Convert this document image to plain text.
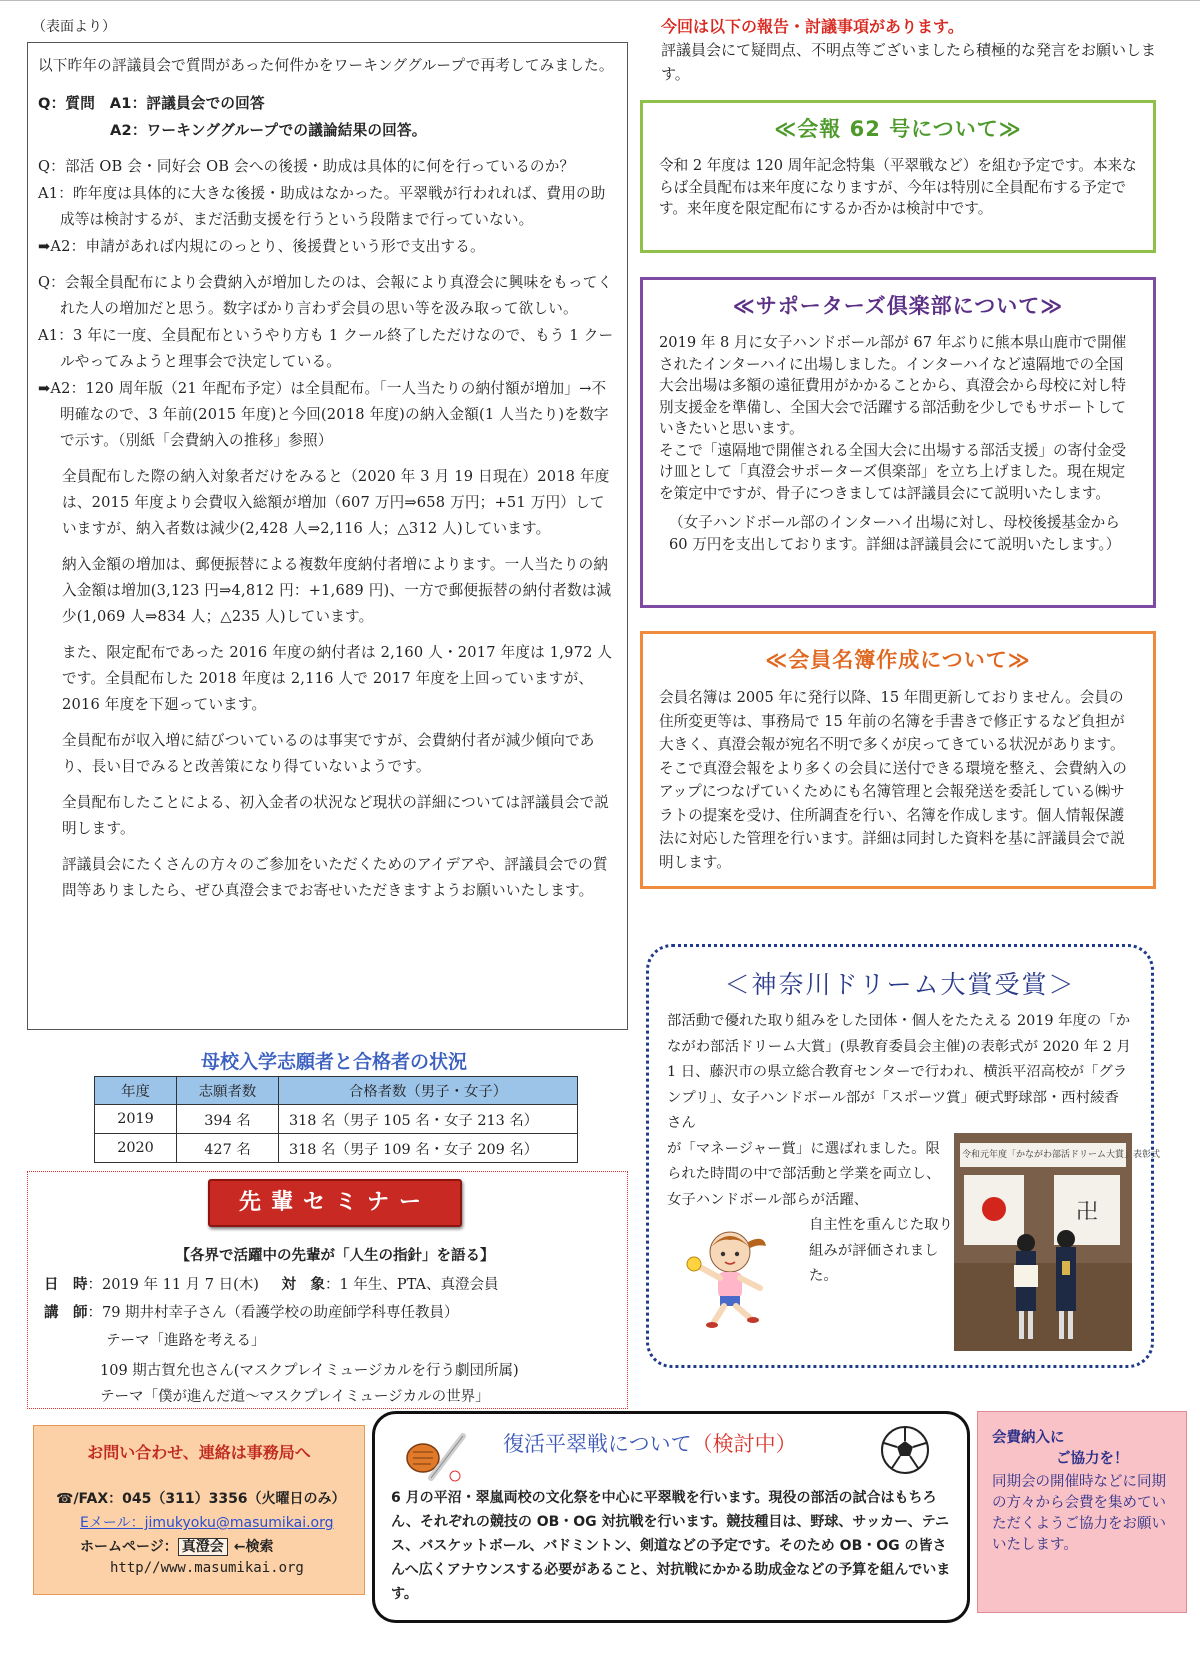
（表面より）

以下昨年の評議員会で質問があった何件かをワーキンググループで再考してみました。

Q：質問　A1：評議員会での回答

A2：ワーキンググループでの議論結果の回答。

Q：部活 OB 会・同好会 OB 会への後援・助成は具体的に何を行っているのか？

A1：昨年度は具体的に大きな後援・助成はなかった。平翠戦が行われれば、費用の助成等は検討するが、まだ活動支援を行うという段階まで行っていない。

➡A2：申請があれば内規にのっとり、後援費という形で支出する。

Q：会報全員配布により会費納入が増加したのは、会報により真澄会に興味をもってくれた人の増加だと思う。数字ばかり言わず会員の思い等を汲み取って欲しい。

A1：3 年に一度、全員配布というやり方も 1 クール終了しただけなので、もう 1 クールやってみようと理事会で決定している。

➡A2：120 周年版（21 年配布予定）は全員配布。「一人当たりの納付額が増加」→不明確なので、3 年前(2015 年度)と今回(2018 年度)の納入金額(1 人当たり)を数字で示す。（別紙「会費納入の推移」参照）

全員配布した際の納入対象者だけをみると（2020 年 3 月 19 日現在）2018 年度は、2015 年度より会費収入総額が増加（607 万円⇒658 万円；+51 万円）していますが、納入者数は減少(2,428 人⇒2,116 人；△312 人)しています。

納入金額の増加は、郵便振替による複数年度納付者増によります。一人当たりの納入金額は増加(3,123 円⇒4,812 円：+1,689 円)、一方で郵便振替の納付者数は減少(1,069 人⇒834 人；△235 人)しています。

また、限定配布であった 2016 年度の納付者は 2,160 人・2017 年度は 1,972 人です。全員配布した 2018 年度は 2,116 人で 2017 年度を上回っていますが、2016 年度を下廻っています。

全員配布が収入増に結びついているのは事実ですが、会費納付者が減少傾向であり、長い目でみると改善策になり得ていないようです。

全員配布したことによる、初入金者の状況など現状の詳細については評議員会で説明します。

評議員会にたくさんの方々のご参加をいただくためのアイデアや、評議員会での質問等ありましたら、ぜひ真澄会までお寄せいただきますようお願いいたします。

今回は以下の報告・討議事項があります。
評議員会にて疑問点、不明点等ございましたら積極的な発言をお願いします。
≪会報 62 号について≫

令和 2 年度は 120 周年記念特集（平翠戦など）を組む予定です。本来ならば全員配布は来年度になりますが、今年は特別に全員配布する予定です。来年度を限定配布にするか否かは検討中です。

≪サポーターズ倶楽部について≫

2019 年 8 月に女子ハンドボール部が 67 年ぶりに熊本県山鹿市で開催されたインターハイに出場しました。インターハイなど遠隔地での全国大会出場は多額の遠征費用がかかることから、真澄会から母校に対し特別支援金を準備し、全国大会で活躍する部活動を少しでもサポートしていきたいと思います。

そこで「遠隔地で開催される全国大会に出場する部活支援」の寄付金受け皿として「真澄会サポーターズ倶楽部」を立ち上げました。現在規定を策定中ですが、骨子につきましては評議員会にて説明いたします。

（女子ハンドボール部のインターハイ出場に対し、母校後援基金から　60 万円を支出しております。詳細は評議員会にて説明いたします。）

≪会員名簿作成について≫

会員名簿は 2005 年に発行以降、15 年間更新しておりません。会員の住所変更等は、事務局で 15 年前の名簿を手書きで修正するなど負担が大きく、真澄会報が宛名不明で多くが戻ってきている状況があります。そこで真澄会報をより多くの会員に送付できる環境を整え、会費納入のアップにつなげていくためにも名簿管理と会報発送を委託している㈱サラトの提案を受け、住所調査を行い、名簿を作成します。個人情報保護法に対応した管理を行います。詳細は同封した資料を基に評議員会で説明します。

＜神奈川ドリーム大賞受賞＞

部活動で優れた取り組みをした団体・個人をたたえる 2019 年度の「かながわ部活ドリーム大賞」(県教育委員会主催)の表彰式が 2020 年 2 月 1 日、藤沢市の県立総合教育センターで行われ、横浜平沼高校が「グランプリ」、女子ハンドボール部が「スポーツ賞」硬式野球部・西村綾香さん

が「マネージャー賞」に選ばれました。限られた時間の中で部活動と学業を両立し、女子ハンドボール部らが活躍、

自主性を重んじた取り組みが評価されました。

卍
令和元年度「かながわ部活ドリーム大賞」表彰式
母校入学志願者と合格者の状況
年度	志願者数	合格者数（男子・女子）
2019	394 名	318 名（男子 105 名・女子 213 名）
2020	427 名	318 名（男子 109 名・女子 209 名）
先輩セミナー
【各界で活躍中の先輩が「人生の指針」を語る】
日　時：2019 年 11 月 7 日(木) 対　象：1 年生、PTA、真澄会員
講　師：79 期井村幸子さん（看護学校の助産師学科専任教員）
テーマ「進路を考える」
109 期古賀允也さん(マスクプレイミュージカルを行う劇団所属)
テーマ「僕が進んだ道～マスクプレイミュージカルの世界」
お問い合わせ、連絡は事務局へ
☎/FAX：045（311）3356（火曜日のみ）
Eメール：jimukyoku@masumikai.org
ホームページ： 真澄会 ←検索
http//www.masumikai.org
復活平翠戦について（検討中）

6 月の平沼・翠嵐両校の文化祭を中心に平翠戦を行います。現役の部活の試合はもちろん、それぞれの競技の OB・OG 対抗戦を行います。競技種目は、野球、サッカー、テニス、バスケットボール、バドミントン、剣道などの予定です。そのため OB・OG の皆さんへ広くアナウンスする必要があること、対抗戦にかかる助成金などの予算を組んでいます。

会費納入に
ご協力を！

同期会の開催時などに同期の方々から会費を集めていただくようご協力をお願いいたします。
